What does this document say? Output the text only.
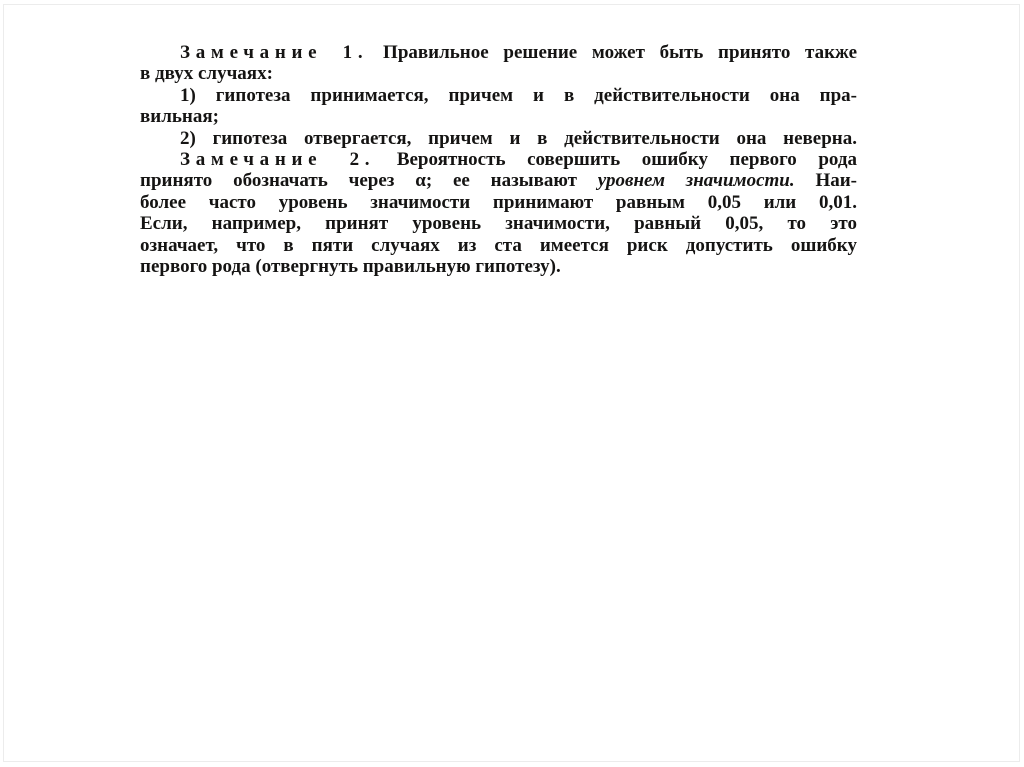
Замечание 1. Правильное решение может быть принято также
в двух случаях:
1) гипотеза принимается, причем и в действительности она пра-
вильная;
2) гипотеза отвергается, причем и в действительности она неверна.
Замечание 2. Вероятность совершить ошибку первого рода
принято обозначать через α; ее называют уровнем значимости. Наи-
более часто уровень значимости принимают равным 0,05 или 0,01.
Если, например, принят уровень значимости, равный 0,05, то это
означает, что в пяти случаях из ста имеется риск допустить ошибку
первого рода (отвергнуть правильную гипотезу).
